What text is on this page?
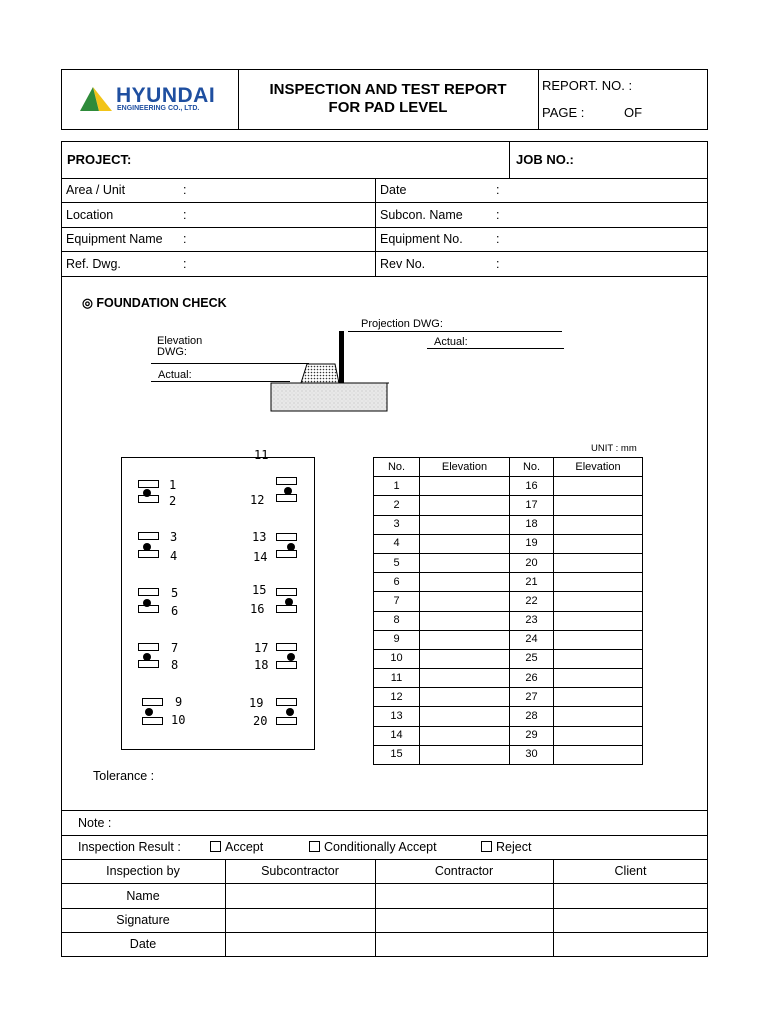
HYUNDAI
ENGINEERING CO., LTD.
INSPECTION AND TEST REPORT
FOR PAD LEVEL
REPORT. NO. :
PAGE :	OF
PROJECT:	JOB NO.:
Area / Unit	:	Date	:
Location	:	Subcon. Name	:
Equipment Name :	Equipment No.	:
Ref. Dwg.	:	Rev No.	:
◎ FOUNDATION CHECK
Projection DWG:
Actual:
Elevation
DWG:
Actual:
UNIT : mm
1
2
3
4
5
6
7
8
9
10
11
12
13
14
15
16
17
18
19
20
No.	Elevation	No.	Elevation
1		16	
2		17	
3		18	
4		19	
5		20	
6		21	
7		22	
8		23	
9		24	
10		25	
11		26	
12		27	
13		28	
14		29	
15		30	
Tolerance :
Note :
Inspection Result :	Accept	Conditionally Accept	Reject
Inspection by	Subcontractor	Contractor	Client
Name
Signature
Date
